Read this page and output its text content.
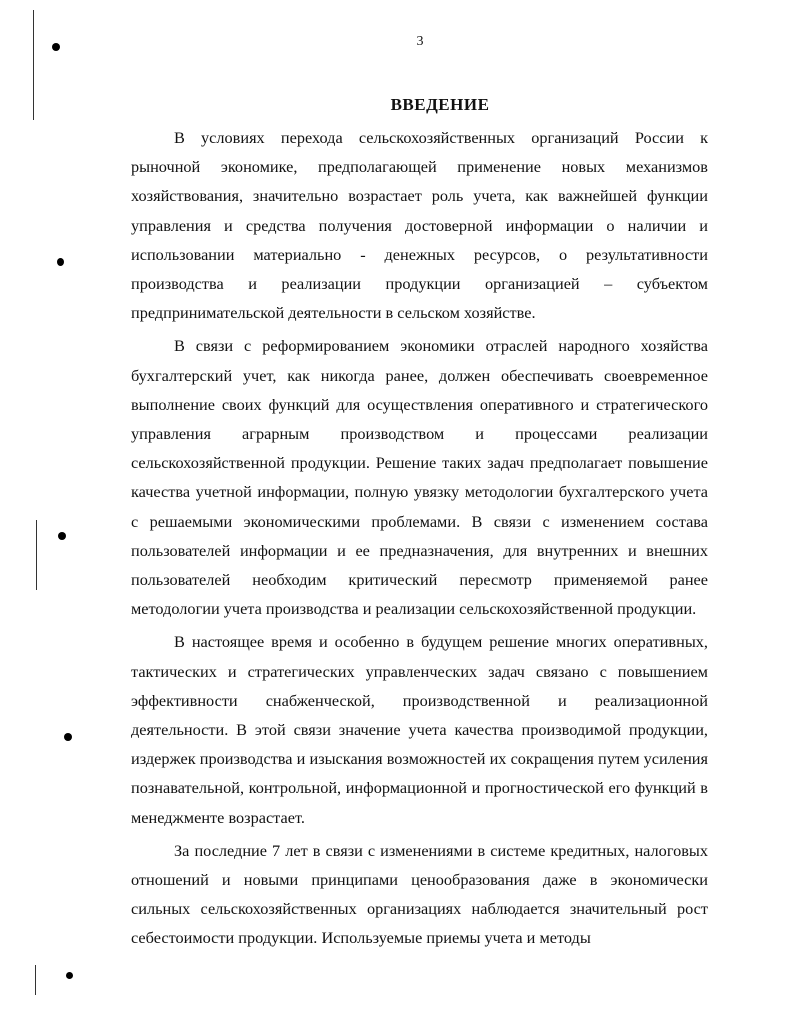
3
ВВЕДЕНИЕ

В условиях перехода сельскохозяйственных организаций России к рыночной экономике, предполагающей применение новых механизмов хозяйствования, значительно возрастает роль учета, как важнейшей функции управления и средства получения достоверной информации о наличии и использовании материально - денежных ресурсов, о результативности производства и реализации продукции организацией – субъектом предпринимательской деятельности в сельском хозяйстве.

В связи с реформированием экономики отраслей народного хозяйства бухгалтерский учет, как никогда ранее, должен обеспечивать своевременное выполнение своих функций для осуществления оперативного и стратегического управления аграрным производством и процессами реализации сельскохозяйственной продукции. Решение таких задач предполагает повышение качества учетной информации, полную увязку методологии бухгалтерского учета с решаемыми экономическими проблемами. В связи с изменением состава пользователей информации и ее предназначения, для внутренних и внешних пользователей необходим критический пересмотр применяемой ранее методологии учета производства и реализации сельскохозяйственной продукции.

В настоящее время и особенно в будущем решение многих оперативных, тактических и стратегических управленческих задач связано с повышением эффективности снабженческой, производственной и реализационной деятельности. В этой связи значение учета качества производимой продукции, издержек производства и изыскания возможностей их сокращения путем усиления познавательной, контрольной, информационной и прогностической его функций в менеджменте возрастает.

За последние 7 лет в связи с изменениями в системе кредитных, налоговых отношений и новыми принципами ценообразования даже в экономически сильных сельскохозяйственных организациях наблюдается значительный рост себестоимости продукции. Используемые приемы учета и методы
